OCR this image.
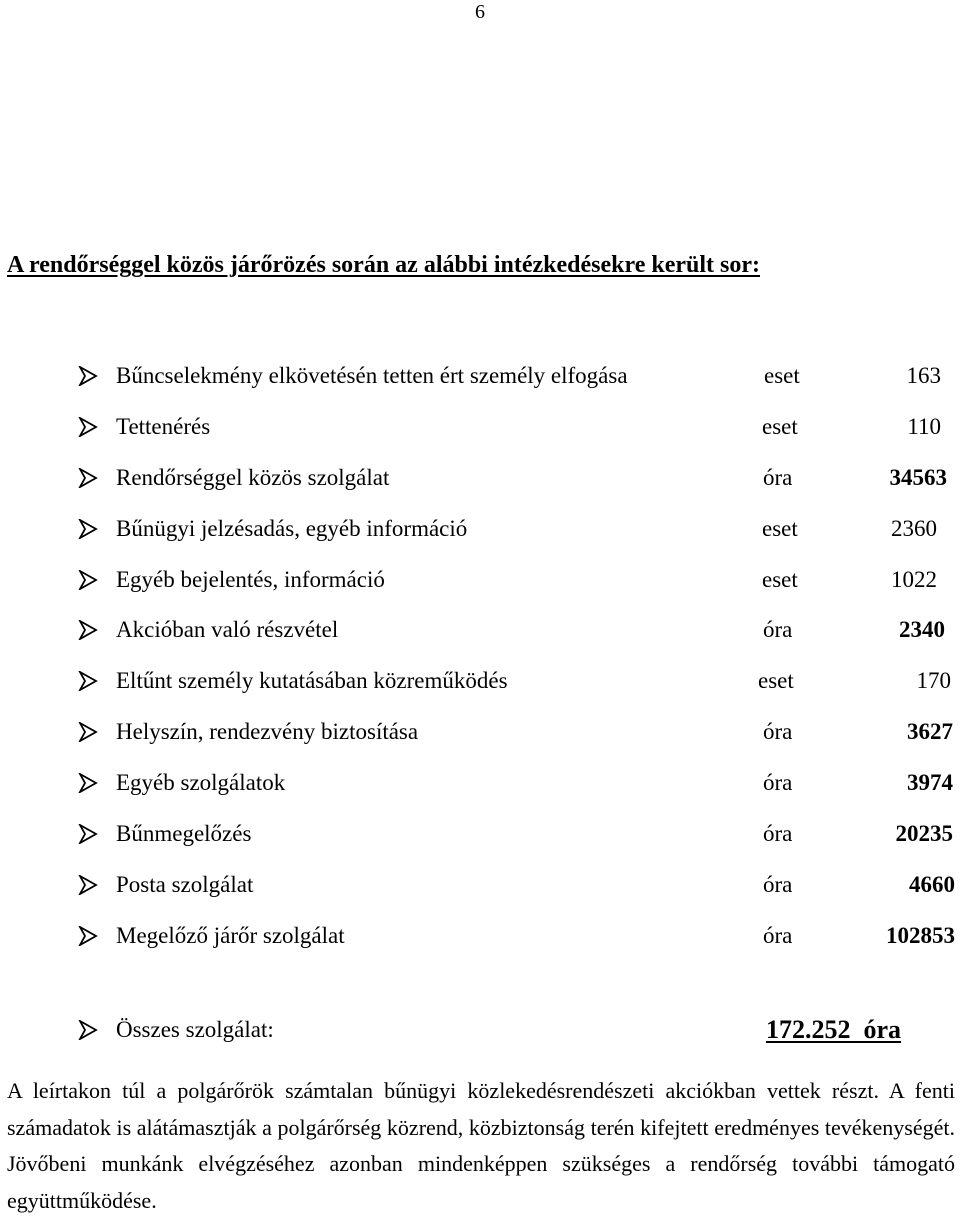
6
A rendőrséggel közös járőrözés során az alábbi intézkedésekre került sor:
Bűncselekmény elkövetésén tetten ért személy elfogása	eset	163
Tettenérés	eset	110
Rendőrséggel közös szolgálat	óra	34563
Bűnügyi jelzésadás, egyéb információ	eset	2360
Egyéb bejelentés, információ	eset	1022
Akcióban való részvétel	óra	2340
Eltűnt személy kutatásában közreműködés	eset	170
Helyszín, rendezvény biztosítása	óra	3627
Egyéb szolgálatok	óra	3974
Bűnmegelőzés	óra	20235
Posta szolgálat	óra	4660
Megelőző járőr szolgálat	óra	102853
Összes szolgálat:	172.252  óra

A leírtakon túl a polgárőrök számtalan bűnügyi közlekedésrendészeti akciókban vettek részt. A fenti számadatok is alátámasztják a polgárőrség közrend, közbiztonság terén kifejtett eredményes tevékenységét. Jövőbeni munkánk elvégzéséhez azonban mindenképpen szükséges a rendőrség további támogató együttműködése.
